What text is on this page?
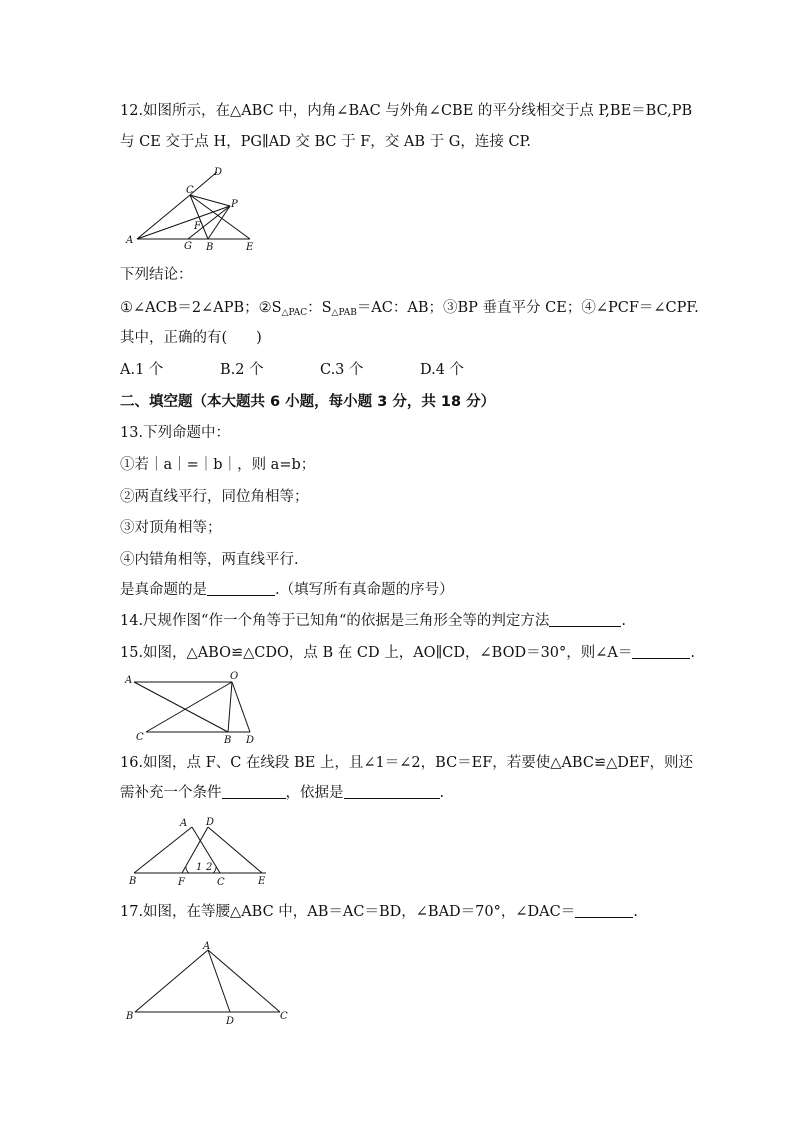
12.如图所示，在△ABC 中，内角∠BAC 与外角∠CBE 的平分线相交于点 P,BE＝BC,PB
与 CE 交于点 H，PG∥AD 交 BC 于 F，交 AB 于 G，连接 CP.
D
C
P
F
A
G B	E
下列结论：
①∠ACB＝2∠APB；$②S_{\triangle PAC}$：$S_{\triangle PAB}=AC$：AB；③BP 垂直平分 CE；④∠PCF＝∠CPF.
其中，正确的有(　　)
A.1 个	B.2 个	C.3 个	D.4 个
二、填空题（本大题共 6 小题，每小题 3 分，共 18 分）
13.下列命题中：
①若｜a｜=｜b｜，则 a=b；
②两直线平行，同位角相等；
③对顶角相等；
④内错角相等，两直线平行.
是真命题的是	.（填写所有真命题的序号）
14.尺规作图“作一个角等于已知角“的依据是三角形全等的判定方法	.
15.如图，△ABO≌△CDO，点 B 在 CD 上，AO∥CD，∠BOD＝30°，则∠A＝	.
A	O
C	B D
16.如图，点 F、C 在线段 BE 上，且∠1＝∠2，BC＝EF，若要使△ABC≌△DEF，则还
需补充一个条件	，依据是	.
A D
1 2
B	F	C	E
17.如图，在等腰△ABC 中，AB＝AC＝BD，∠BAD＝70°，∠DAC＝	.
A
B	D	C
